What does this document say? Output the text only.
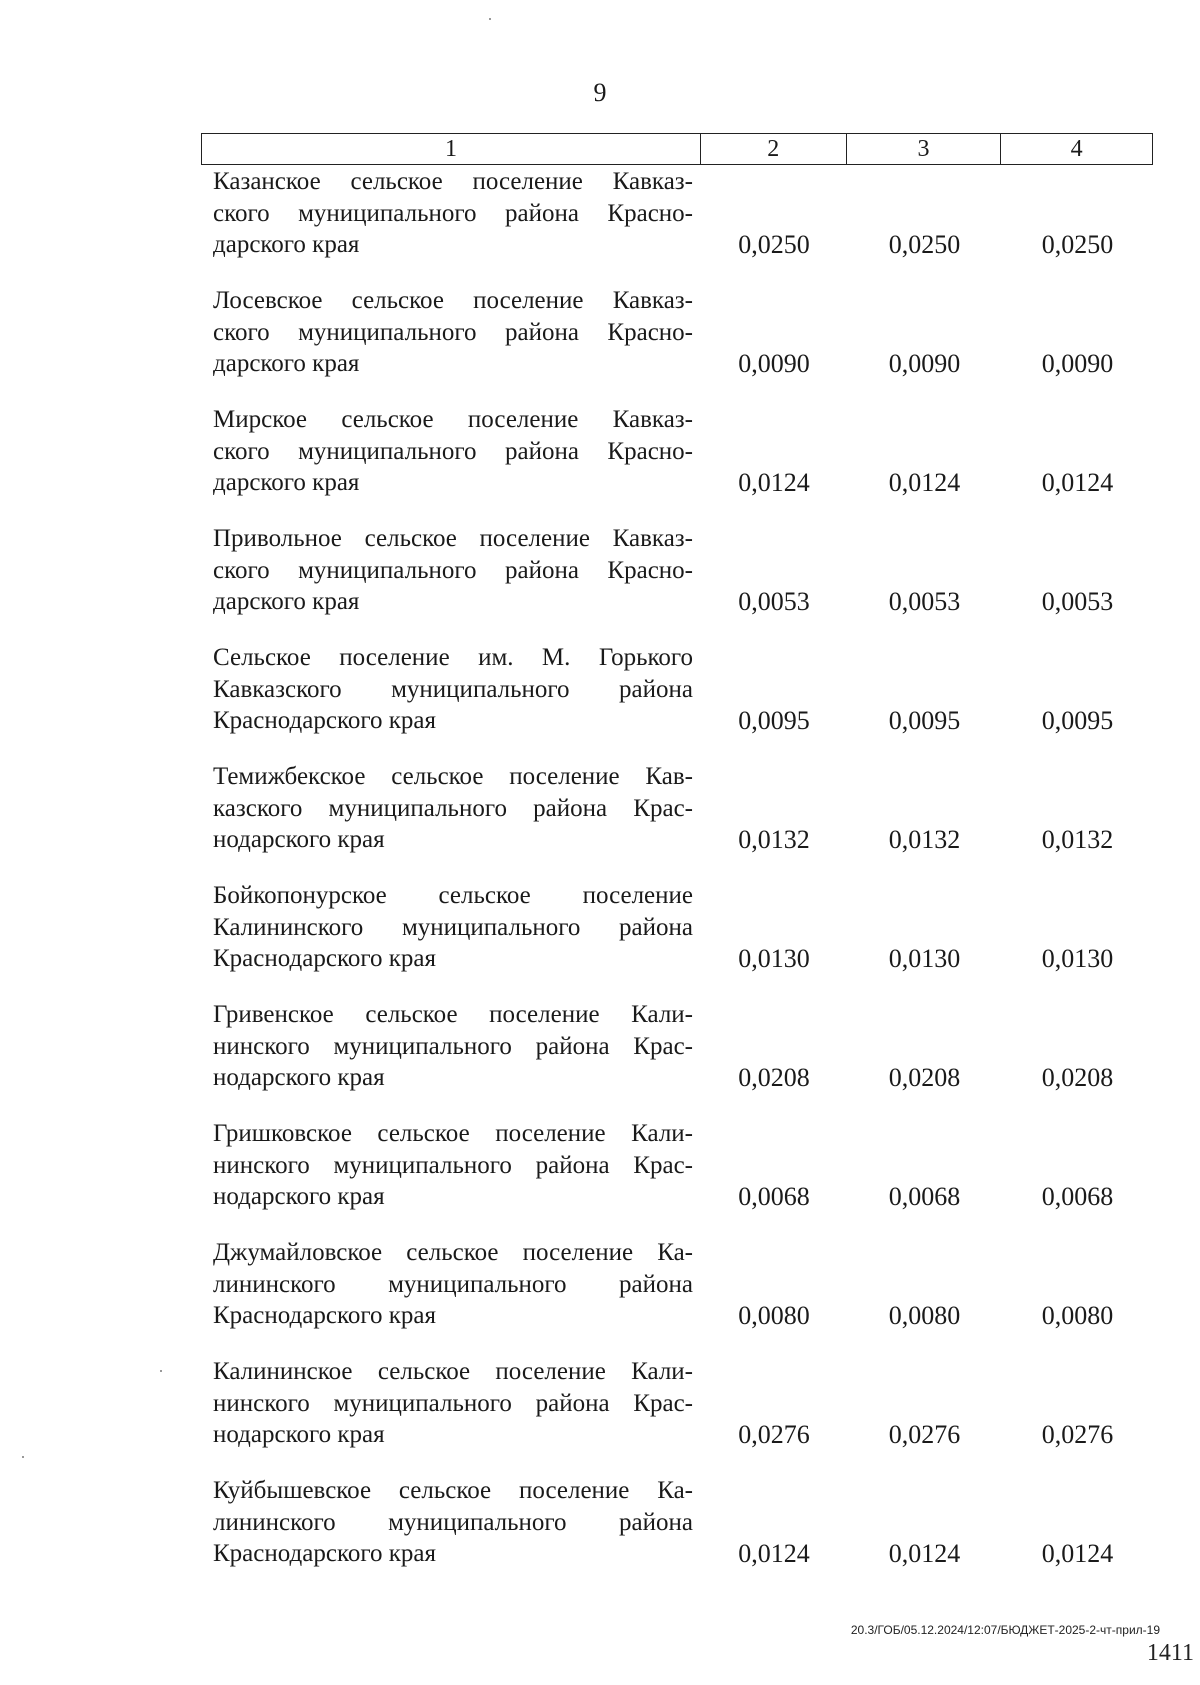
9
1	2	3	4
Казанское сельское поселение Кавказ-
ского муниципального района Красно-
дарского края	0,0250	0,0250	0,0250
Лосевское сельское поселение Кавказ-
ского муниципального района Красно-
дарского края	0,0090	0,0090	0,0090
Мирское сельское поселение Кавказ-
ского муниципального района Красно-
дарского края	0,0124	0,0124	0,0124
Привольное сельское поселение Кавказ-
ского муниципального района Красно-
дарского края	0,0053	0,0053	0,0053
Сельское поселение им. М. Горького
Кавказского муниципального района
Краснодарского края	0,0095	0,0095	0,0095
Темижбекское сельское поселение Кав-
казского муниципального района Крас-
нодарского края	0,0132	0,0132	0,0132
Бойкопонурское сельское поселение
Калининского муниципального района
Краснодарского края	0,0130	0,0130	0,0130
Гривенское сельское поселение Кали-
нинского муниципального района Крас-
нодарского края	0,0208	0,0208	0,0208
Гришковское сельское поселение Кали-
нинского муниципального района Крас-
нодарского края	0,0068	0,0068	0,0068
Джумайловское сельское поселение Ка-
лининского муниципального района
Краснодарского края	0,0080	0,0080	0,0080
Калининское сельское поселение Кали-
нинского муниципального района Крас-
нодарского края	0,0276	0,0276	0,0276
Куйбышевское сельское поселение Ка-
лининского муниципального района
Краснодарского края	0,0124	0,0124	0,0124
20.3/ГОБ/05.12.2024/12:07/БЮДЖЕТ-2025-2-чт-прил-19
1411
